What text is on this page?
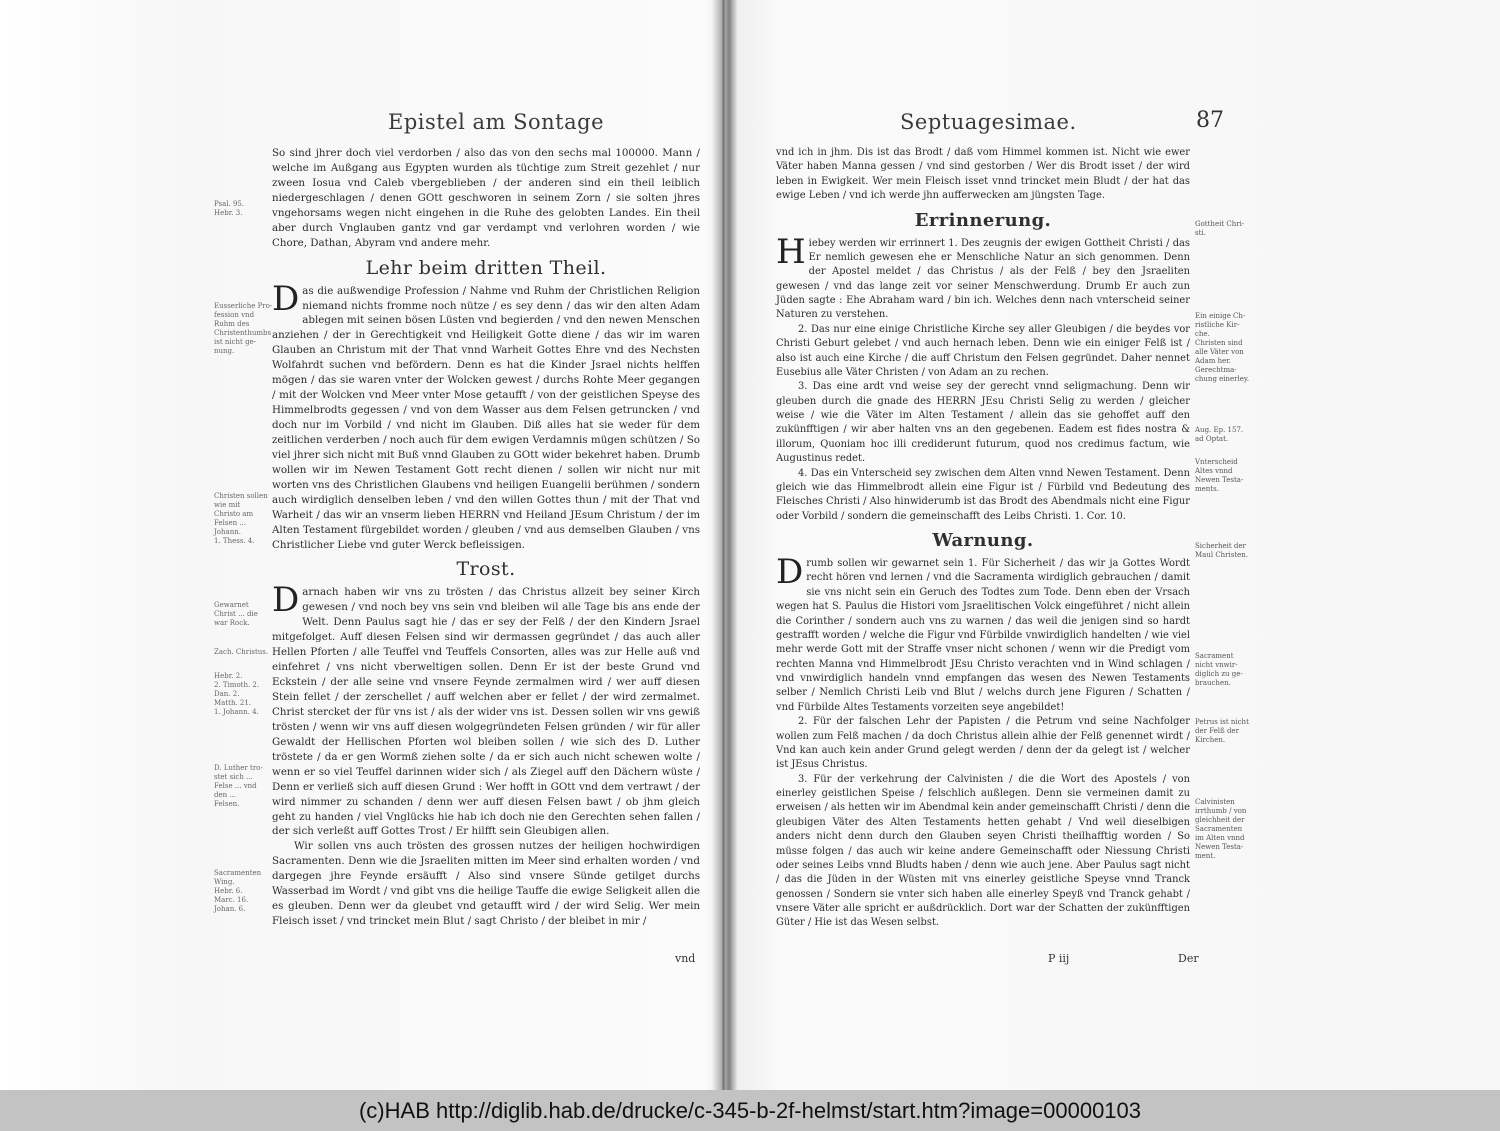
Epistel am Sontage
Psal. 95.
Hebr. 3.
Eusserliche Pro-
fession vnd
Ruhm des
Christenthumbs
ist nicht ge-
nung.
Christen sollen
wie mit
Christo am
Felsen ...
Johann.
1. Thess. 4.
Gewarnet
Christ ... die
war Rock.
Zach. Christus.
Hebr. 2.
2. Timoth. 2.
Dan. 2.
Matth. 21.
1. Johann. 4.
D. Luther tro-
stet sich ...
Felse ... vnd
den ...
Felsen.
Sacramenten
Wing.
Hebr. 6.
Marc. 16.
Johan. 6.

So sind jhrer doch viel verdorben / also das von den sechs mal 100000. Mann / welche im Außgang aus Egypten wurden als tüchtige zum Streit gezehlet / nur zween Iosua vnd Caleb vbergeblieben / der anderen sind ein theil leiblich niedergeschlagen / denen GOtt geschworen in seinem Zorn / sie solten jhres vngehorsams wegen nicht eingehen in die Ruhe des gelobten Landes. Ein theil aber durch Vnglauben gantz vnd gar verdampt vnd verlohren worden / wie Chore, Dathan, Abyram vnd andere mehr.

Lehr beim dritten Theil.

Das die außwendige Profession / Nahme vnd Ruhm der Christlichen Religion niemand nichts fromme noch nütze / es sey denn / das wir den alten Adam ablegen mit seinen bösen Lüsten vnd begierden / vnd den newen Menschen anziehen / der in Gerechtigkeit vnd Heiligkeit Gotte diene / das wir im waren Glauben an Christum mit der That vnnd Warheit Gottes Ehre vnd des Nechsten Wolfahrdt suchen vnd befördern. Denn es hat die Kinder Jsrael nichts helffen mögen / das sie waren vnter der Wolcken gewest / durchs Rohte Meer gegangen / mit der Wolcken vnd Meer vnter Mose getaufft / von der geistlichen Speyse des Himmelbrodts gegessen / vnd von dem Wasser aus dem Felsen getruncken / vnd doch nur im Vorbild / vnd nicht im Glauben. Diß alles hat sie weder für dem zeitlichen verderben / noch auch für dem ewigen Verdamnis mügen schützen / So viel jhrer sich nicht mit Buß vnnd Glauben zu GOtt wider bekehret haben. Drumb wollen wir im Newen Testament Gott recht dienen / sollen wir nicht nur mit worten vns des Christlichen Glaubens vnd heiligen Euangelii berühmen / sondern auch wirdiglich denselben leben / vnd den willen Gottes thun / mit der That vnd Warheit / das wir an vnserm lieben HERRN vnd Heiland JEsum Christum / der im Alten Testament fürgebildet worden / gleuben / vnd aus demselben Glauben / vns Christlicher Liebe vnd guter Werck befleissigen.

Trost.

Darnach haben wir vns zu trösten / das Christus allzeit bey seiner Kirch gewesen / vnd noch bey vns sein vnd bleiben wil alle Tage bis ans ende der Welt. Denn Paulus sagt hie / das er sey der Felß / der den Kindern Jsrael mitgefolget. Auff diesen Felsen sind wir dermassen gegründet / das auch aller Hellen Pforten / alle Teuffel vnd Teuffels Consorten, alles was zur Helle auß vnd einfehret / vns nicht vberweltigen sollen. Denn Er ist der beste Grund vnd Eckstein / der alle seine vnd vnsere Feynde zermalmen wird / wer auff diesen Stein fellet / der zerschellet / auff welchen aber er fellet / der wird zermalmet. Christ stercket der für vns ist / als der wider vns ist. Dessen sollen wir vns gewiß trösten / wenn wir vns auff diesen wolgegründeten Felsen gründen / wir für aller Gewaldt der Hellischen Pforten wol bleiben sollen / wie sich des D. Luther tröstete / da er gen Wormß ziehen solte / da er sich auch nicht schewen wolte / wenn er so viel Teuffel darinnen wider sich / als Ziegel auff den Dächern wüste / Denn er verließ sich auff diesen Grund : Wer hofft in GOtt vnd dem vertrawt / der wird nimmer zu schanden / denn wer auff diesen Felsen bawt / ob jhm gleich geht zu handen / viel Vnglücks hie hab ich doch nie den Gerechten sehen fallen / der sich verleßt auff Gottes Trost / Er hilfft sein Gleubigen allen.

Wir sollen vns auch trösten des grossen nutzes der heiligen hochwirdigen Sacramenten. Denn wie die Jsraeliten mitten im Meer sind erhalten worden / vnd dargegen jhre Feynde ersäufft / Also sind vnsere Sünde getilget durchs Wasserbad im Wordt / vnd gibt vns die heilige Tauffe die ewige Seligkeit allen die es gleuben. Denn wer da gleubet vnd getaufft wird / der wird Selig. Wer mein Fleisch isset / vnd trincket mein Blut / sagt Christo / der bleibet in mir /

vnd
Septuagesimae.	87
Gottheit Chri-
sti.
Ein einige Ch-
ristliche Kir-
che.
Christen sind
alle Väter von
Adam her.
Gerechtma-
chung einerley.
Aug. Ep. 157.
ad Optat.
Vnterscheid
Altes vnnd
Newen Testa-
ments.
Sicherheit der
Maul Christen.
Sacrament
nicht vnwir-
diglich zu ge-
brauchen.
Petrus ist nicht
der Felß der
Kirchen.
Calvinisten
irrthumb / von
gleichheit der
Sacramenten
im Alten vnnd
Newen Testa-
ment.

vnd ich in jhm. Dis ist das Brodt / daß vom Himmel kommen ist. Nicht wie ewer Väter haben Manna gessen / vnd sind gestorben / Wer dis Brodt isset / der wird leben in Ewigkeit. Wer mein Fleisch isset vnnd trincket mein Bludt / der hat das ewige Leben / vnd ich werde jhn aufferwecken am jüngsten Tage.

Errinnerung.

Hiebey werden wir errinnert 1. Des zeugnis der ewigen Gottheit Christi / das Er nemlich gewesen ehe er Menschliche Natur an sich genommen. Denn der Apostel meldet / das Christus / als der Felß / bey den Jsraeliten gewesen / vnd das lange zeit vor seiner Menschwerdung. Drumb Er auch zun Jüden sagte : Ehe Abraham ward / bin ich. Welches denn nach vnterscheid seiner Naturen zu verstehen.

2. Das nur eine einige Christliche Kirche sey aller Gleubigen / die beydes vor Christi Geburt gelebet / vnd auch hernach leben. Denn wie ein einiger Felß ist / also ist auch eine Kirche / die auff Christum den Felsen gegründet. Daher nennet Eusebius alle Väter Christen / von Adam an zu rechen.

3. Das eine ardt vnd weise sey der gerecht vnnd seligmachung. Denn wir gleuben durch die gnade des HERRN JEsu Christi Selig zu werden / gleicher weise / wie die Väter im Alten Testament / allein das sie gehoffet auff den zukünfftigen / wir aber halten vns an den gegebenen. Eadem est fides nostra & illorum, Quoniam hoc illi crediderunt futurum, quod nos credimus factum, wie Augustinus redet.

4. Das ein Vnterscheid sey zwischen dem Alten vnnd Newen Testament. Denn gleich wie das Himmelbrodt allein eine Figur ist / Fürbild vnd Bedeutung des Fleisches Christi / Also hinwiderumb ist das Brodt des Abendmals nicht eine Figur oder Vorbild / sondern die gemeinschafft des Leibs Christi. 1. Cor. 10.

Warnung.

Drumb sollen wir gewarnet sein 1. Für Sicherheit / das wir ja Gottes Wordt recht hören vnd lernen / vnd die Sacramenta wirdiglich gebrauchen / damit sie vns nicht sein ein Geruch des Todtes zum Tode. Denn eben der Vrsach wegen hat S. Paulus die Histori vom Jsraelitischen Volck eingeführet / nicht allein die Corinther / sondern auch vns zu warnen / das weil die jenigen sind so hardt gestrafft worden / welche die Figur vnd Fürbilde vnwirdiglich handelten / wie viel mehr werde Gott mit der Straffe vnser nicht schonen / wenn wir die Predigt vom rechten Manna vnd Himmelbrodt JEsu Christo verachten vnd in Wind schlagen / vnd vnwirdiglich handeln vnnd empfangen das wesen des Newen Testaments selber / Nemlich Christi Leib vnd Blut / welchs durch jene Figuren / Schatten / vnd Fürbilde Altes Testaments vorzeiten seye angebildet!

2. Für der falschen Lehr der Papisten / die Petrum vnd seine Nachfolger wollen zum Felß machen / da doch Christus allein alhie der Felß genennet wirdt / Vnd kan auch kein ander Grund gelegt werden / denn der da gelegt ist / welcher ist JEsus Christus.

3. Für der verkehrung der Calvinisten / die die Wort des Apostels / von einerley geistlichen Speise / felschlich außlegen. Denn sie vermeinen damit zu erweisen / als hetten wir im Abendmal kein ander gemeinschafft Christi / denn die gleubigen Väter des Alten Testaments hetten gehabt / Vnd weil dieselbigen anders nicht denn durch den Glauben seyen Christi theilhafftig worden / So müsse folgen / das auch wir keine andere Gemeinschafft oder Niessung Christi oder seines Leibs vnnd Bludts haben / denn wie auch jene. Aber Paulus sagt nicht / das die Jüden in der Wüsten mit vns einerley geistliche Speyse vnnd Tranck genossen / Sondern sie vnter sich haben alle einerley Speyß vnd Tranck gehabt / vnsere Väter alle spricht er außdrücklich. Dort war der Schatten der zukünfftigen Güter / Hie ist das Wesen selbst.

P iij	Der
(c)HAB http://diglib.hab.de/drucke/c-345-b-2f-helmst/start.htm?image=00000103
